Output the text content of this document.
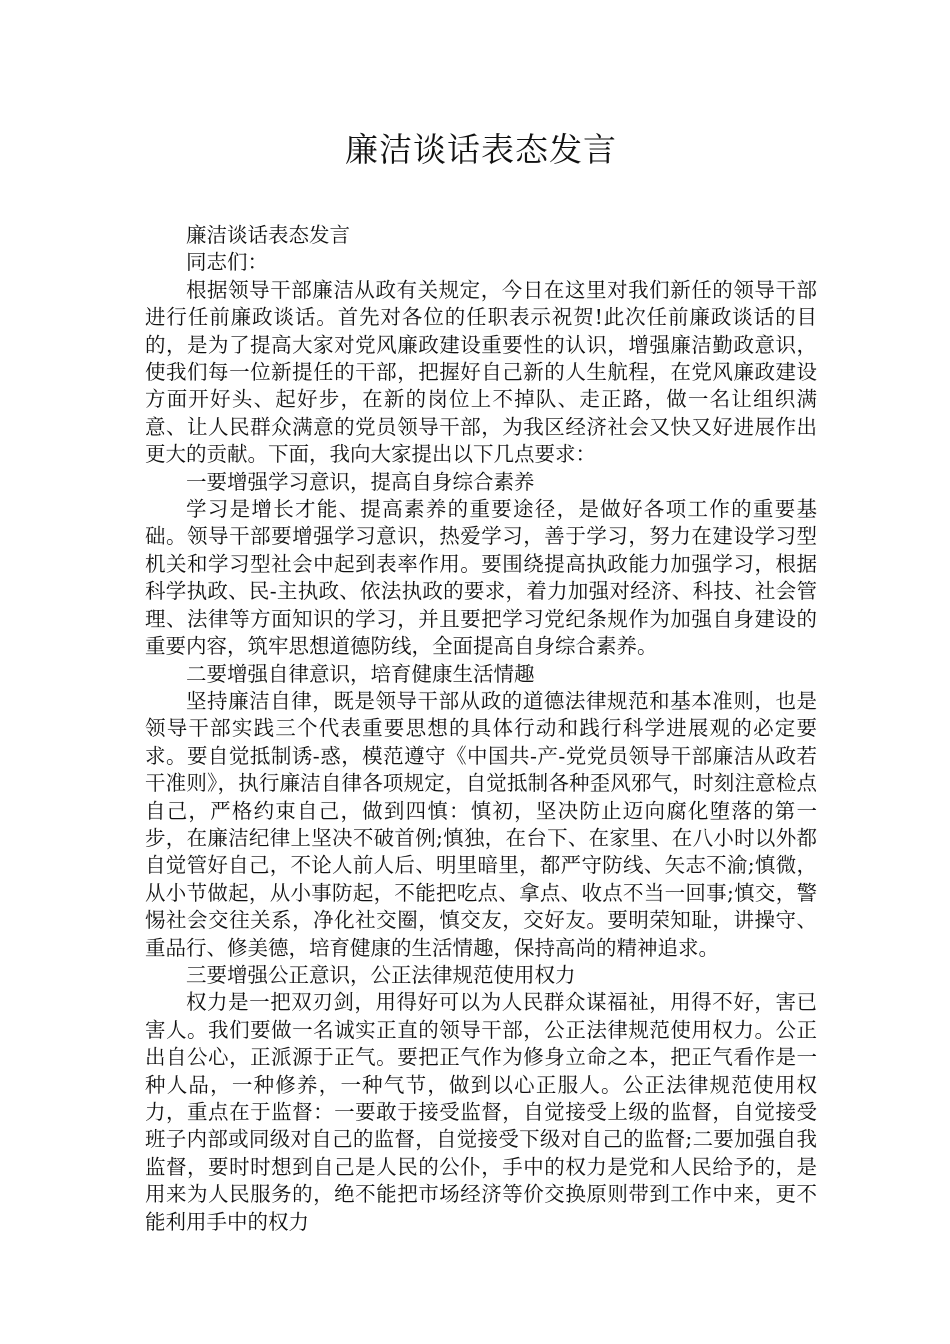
廉洁谈话表态发言

廉洁谈话表态发言

同志们：

根据领导干部廉洁从政有关规定，今日在这里对我们新任的领导干部进行任前廉政谈话。首先对各位的任职表示祝贺!此次任前廉政谈话的目的，是为了提高大家对党风廉政建设重要性的认识，增强廉洁勤政意识，使我们每一位新提任的干部，把握好自己新的人生航程，在党风廉政建设方面开好头、起好步，在新的岗位上不掉队、走正路，做一名让组织满意、让人民群众满意的党员领导干部，为我区经济社会又快又好进展作出更大的贡献。下面，我向大家提出以下几点要求：

一要增强学习意识，提高自身综合素养

学习是增长才能、提高素养的重要途径，是做好各项工作的重要基础。领导干部要增强学习意识，热爱学习，善于学习，努力在建设学习型机关和学习型社会中起到表率作用。要围绕提高执政能力加强学习，根据科学执政、民-主执政、依法执政的要求，着力加强对经济、科技、社会管理、法律等方面知识的学习，并且要把学习党纪条规作为加强自身建设的重要内容，筑牢思想道德防线，全面提高自身综合素养。

二要增强自律意识，培育健康生活情趣

坚持廉洁自律，既是领导干部从政的道德法律规范和基本准则，也是领导干部实践三个代表重要思想的具体行动和践行科学进展观的必定要求。要自觉抵制诱-惑，模范遵守《中国共-产-党党员领导干部廉洁从政若干准则》，执行廉洁自律各项规定，自觉抵制各种歪风邪气，时刻注意检点自己，严格约束自己，做到四慎：慎初，坚决防止迈向腐化堕落的第一步，在廉洁纪律上坚决不破首例;慎独，在台下、在家里、在八小时以外都自觉管好自己，不论人前人后、明里暗里，都严守防线、矢志不渝;慎微，从小节做起，从小事防起，不能把吃点、拿点、收点不当一回事;慎交，警惕社会交往关系，净化社交圈，慎交友，交好友。要明荣知耻，讲操守、重品行、修美德，培育健康的生活情趣，保持高尚的精神追求。

三要增强公正意识，公正法律规范使用权力

权力是一把双刃剑，用得好可以为人民群众谋福祉，用得不好，害已害人。我们要做一名诚实正直的领导干部，公正法律规范使用权力。公正出自公心，正派源于正气。要把正气作为修身立命之本，把正气看作是一种人品，一种修养，一种气节，做到以心正服人。公正法律规范使用权力，重点在于监督：一要敢于接受监督，自觉接受上级的监督，自觉接受班子内部或同级对自己的监督，自觉接受下级对自己的监督;二要加强自我监督，要时时想到自己是人民的公仆，手中的权力是党和人民给予的，是用来为人民服务的，绝不能把市场经济等价交换原则带到工作中来，更不能利用手中的权力
